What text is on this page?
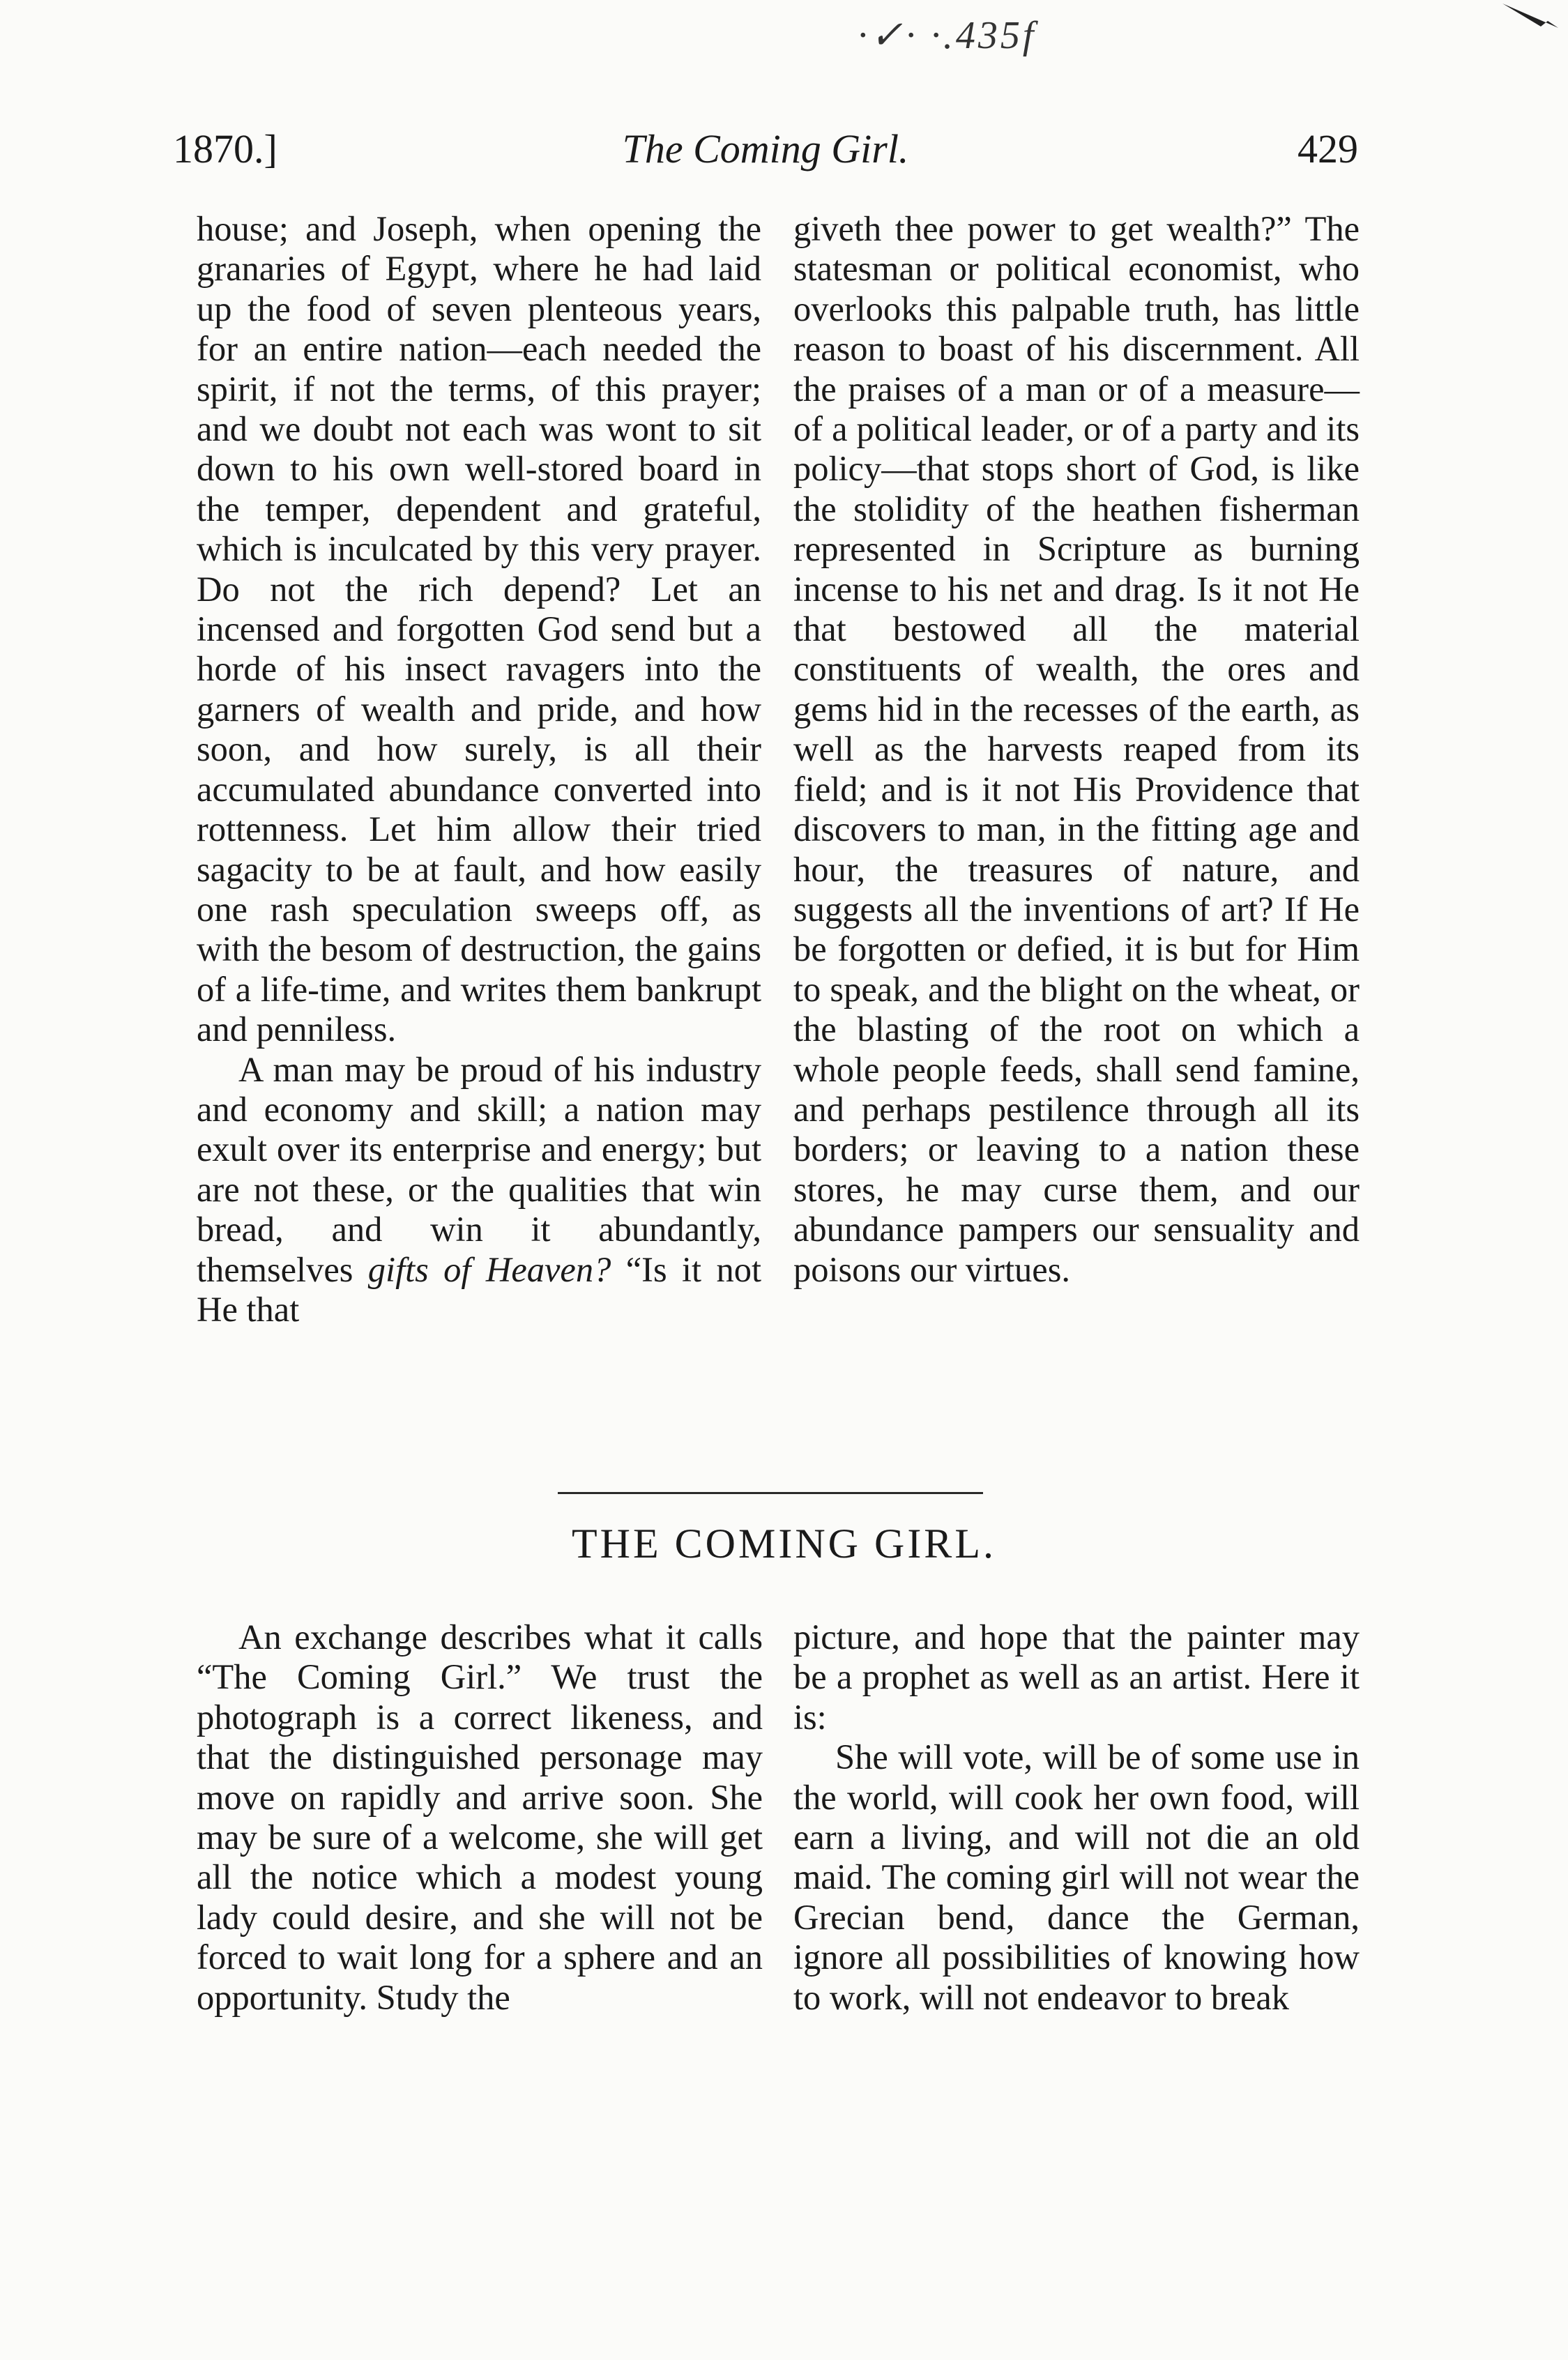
·✓· ·.435f
1870.]	The Coming Girl.	429

house; and Joseph, when opening the granaries of Egypt, where he had laid up the food of seven plenteous years, for an entire nation—each needed the spirit, if not the terms, of this prayer; and we doubt not each was wont to sit down to his own well-stored board in the temper, dependent and grateful, which is inculcated by this very prayer. Do not the rich depend? Let an incensed and forgotten God send but a horde of his insect ravagers into the garners of wealth and pride, and how soon, and how surely, is all their accumulated abundance converted into rottenness. Let him allow their tried sagacity to be at fault, and how easily one rash speculation sweeps off, as with the besom of destruction, the gains of a life-time, and writes them bankrupt and penniless.

A man may be proud of his industry and economy and skill; a nation may exult over its enterprise and energy; but are not these, or the qualities that win bread, and win it abundantly, themselves gifts of Heaven? “Is it not He that

giveth thee power to get wealth?” The statesman or political economist, who overlooks this palpable truth, has little reason to boast of his discernment. All the praises of a man or of a measure—of a political leader, or of a party and its policy—that stops short of God, is like the stolidity of the heathen fisherman represented in Scripture as burning incense to his net and drag. Is it not He that bestowed all the material constituents of wealth, the ores and gems hid in the recesses of the earth, as well as the harvests reaped from its field; and is it not His Providence that discovers to man, in the fitting age and hour, the treasures of nature, and suggests all the inventions of art? If He be forgotten or defied, it is but for Him to speak, and the blight on the wheat, or the blasting of the root on which a whole people feeds, shall send famine, and perhaps pestilence through all its borders; or leaving to a nation these stores, he may curse them, and our abundance pampers our sensuality and poisons our virtues.

THE COMING GIRL.

An exchange describes what it calls “The Coming Girl.” We trust the photograph is a correct likeness, and that the distinguished personage may move on rapidly and arrive soon. She may be sure of a welcome, she will get all the notice which a modest young lady could desire, and she will not be forced to wait long for a sphere and an opportunity. Study the

picture, and hope that the painter may be a prophet as well as an artist. Here it is:

She will vote, will be of some use in the world, will cook her own food, will earn a living, and will not die an old maid. The coming girl will not wear the Grecian bend, dance the German, ignore all possibilities of knowing how to work, will not endeavor to break
